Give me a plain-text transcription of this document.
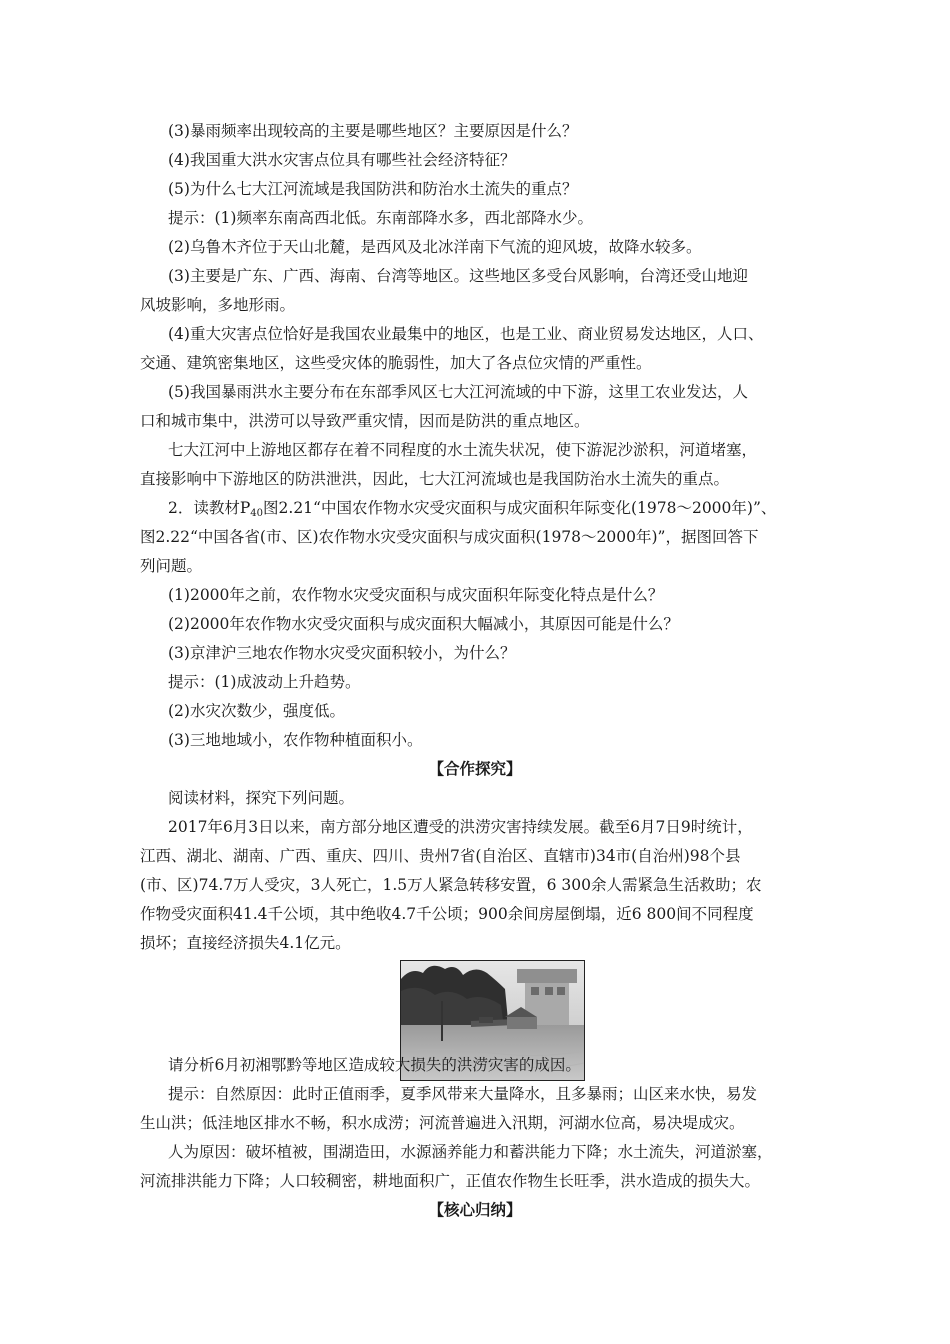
(3)暴雨频率出现较高的主要是哪些地区？主要原因是什么？
(4)我国重大洪水灾害点位具有哪些社会经济特征？
(5)为什么七大江河流域是我国防洪和防治水土流失的重点？
提示：(1)频率东南高西北低。东南部降水多，西北部降水少。
(2)乌鲁木齐位于天山北麓，是西风及北冰洋南下气流的迎风坡，故降水较多。
(3)主要是广东、广西、海南、台湾等地区。这些地区多受台风影响，台湾还受山地迎
风坡影响，多地形雨。
(4)重大灾害点位恰好是我国农业最集中的地区，也是工业、商业贸易发达地区，人口、
交通、建筑密集地区，这些受灾体的脆弱性，加大了各点位灾情的严重性。
(5)我国暴雨洪水主要分布在东部季风区七大江河流域的中下游，这里工农业发达，人
口和城市集中，洪涝可以导致严重灾情，因而是防洪的重点地区。
七大江河中上游地区都存在着不同程度的水土流失状况，使下游泥沙淤积，河道堵塞，
直接影响中下游地区的防洪泄洪，因此，七大江河流域也是我国防治水土流失的重点。
2．读教材P40图2.21“中国农作物水灾受灾面积与成灾面积年际变化(1978～2000年)”、
图2.22“中国各省(市、区)农作物水灾受灾面积与成灾面积(1978～2000年)”，据图回答下
列问题。
(1)2000年之前，农作物水灾受灾面积与成灾面积年际变化特点是什么？
(2)2000年农作物水灾受灾面积与成灾面积大幅减小，其原因可能是什么？
(3)京津沪三地农作物水灾受灾面积较小，为什么？
提示：(1)成波动上升趋势。
(2)水灾次数少，强度低。
(3)三地地域小，农作物种植面积小。
【合作探究】
阅读材料，探究下列问题。
2017年6月3日以来，南方部分地区遭受的洪涝灾害持续发展。截至6月7日9时统计，
江西、湖北、湖南、广西、重庆、四川、贵州7省(自治区、直辖市)34市(自治州)98个县
(市、区)74.7万人受灾，3人死亡，1.5万人紧急转移安置，6 300余人需紧急生活救助；农
作物受灾面积41.4千公顷，其中绝收4.7千公顷；900余间房屋倒塌，近6 800间不同程度
损坏；直接经济损失4.1亿元。
请分析6月初湘鄂黔等地区造成较大损失的洪涝灾害的成因。
提示：自然原因：此时正值雨季，夏季风带来大量降水，且多暴雨；山区来水快，易发
生山洪；低洼地区排水不畅，积水成涝；河流普遍进入汛期，河湖水位高，易决堤成灾。
人为原因：破坏植被，围湖造田，水源涵养能力和蓄洪能力下降；水土流失，河道淤塞，
河流排洪能力下降；人口较稠密，耕地面积广，正值农作物生长旺季，洪水造成的损失大。
【核心归纳】
